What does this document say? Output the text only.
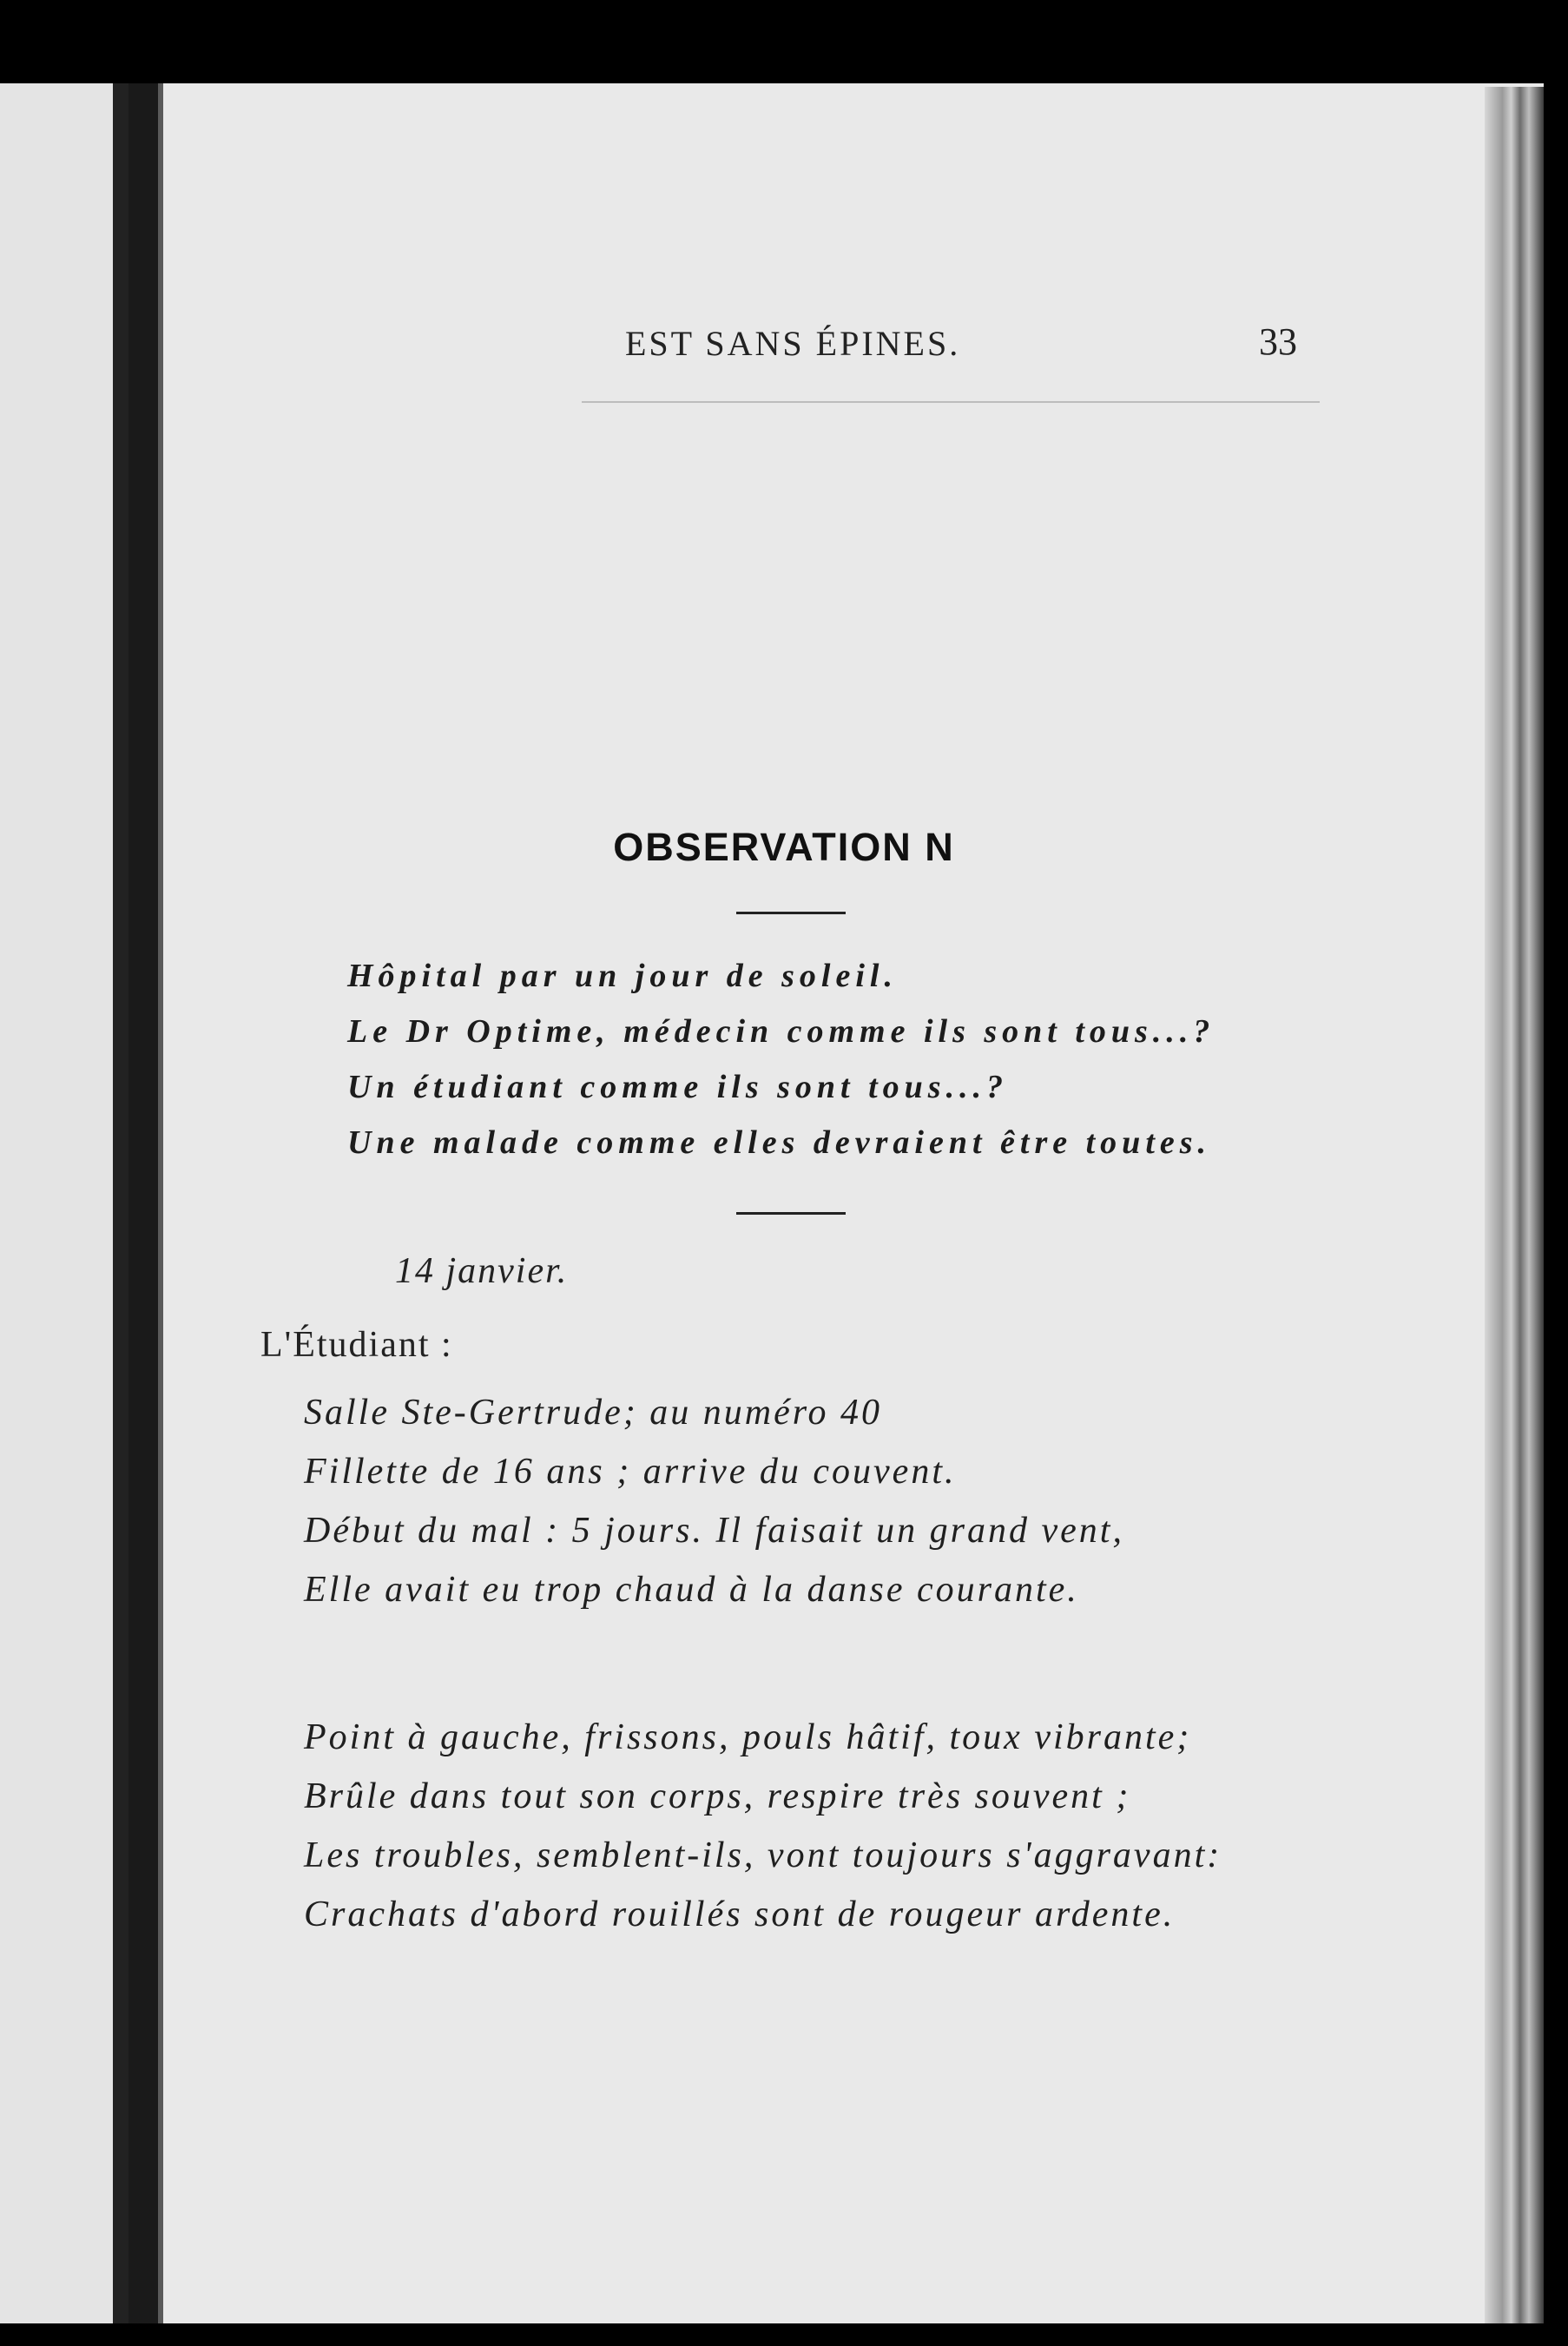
EST SANS ÉPINES.	33
OBSERVATION N
Hôpital par un jour de soleil.
Le Dr Optime, médecin comme ils sont tous...?
Un étudiant comme ils sont tous...?
Une malade comme elles devraient être toutes.
14 janvier.
L'Étudiant :
Salle Ste-Gertrude; au numéro 40
Fillette de 16 ans ; arrive du couvent.
Début du mal : 5 jours. Il faisait un grand vent,
Elle avait eu trop chaud à la danse courante.
Point à gauche, frissons, pouls hâtif, toux vibrante;
Brûle dans tout son corps, respire très souvent ;
Les troubles, semblent-ils, vont toujours s'aggravant:
Crachats d'abord rouillés sont de rougeur ardente.
